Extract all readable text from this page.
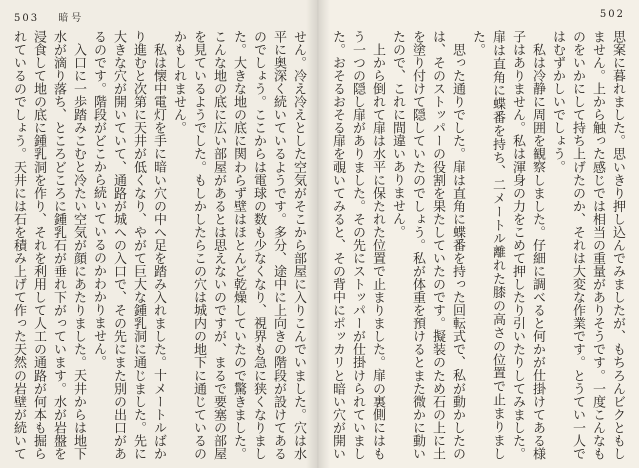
503 暗号

せん。冷え冷えとした空気がそこから部屋に入りこんでいました。穴は水平に奥深く続いているようです。多分、途中に上向きの階段が設けてあるのでしょう。ここからは電球の数も少なくなり、視界も急に狭くなりました。大きな地の底に関わらず壁はほとんど乾燥していたので驚きました。こんな地の底に広い部屋があるとは思えないのですが、まるで要塞の部屋を見ているようでした。もしかしたらこの穴は城内の地下に通じているのかもしれません。

私は懐中電灯を手に暗い穴の中へ足を踏み入れました。十メートルばかり進むと次第に天井が低くなり、やがて巨大な鍾乳洞に通じました。先に大きな穴が開いていて、通路が城への入口で、その先にまた別の出口があるのです。階段がどこから続いているのかわかりません。

入口に一歩踏みこむと冷たい空気が顔にあたりました。天井からは地下水が滴り落ち、ところどころに鍾乳石が垂れ下がっています。水が岩盤を浸食して地の底に鍾乳洞を作り、それを利用して人工の通路が何本も掘られているのでしょう。天井には石を積み上げて作った天然の岩壁が続いて

502

思案に暮れました。思いきり押し込んでみましたが、もちろんビクともしません。上から触った感じでは相当の重量がありそうです。一度こんなものをいかにして持ち上げたのか、それは大変な作業です。とうてい一人ではむずかしいでしょう。

私は冷静に周囲を観察しました。仔細に調べると何かが仕掛けてある様子はありません。私は渾身の力をこめて押したり引いたりしてみました。扉は直角に蝶番を持ち、二メートル離れた膝の高さの位置で止まりました。

思った通りでした。扉は直角に蝶番を持った回転式で、私が動かしたのは、そのストッパーの役割を果たしていたのです。擬装のため石の上に土を塗り付けて隠していたのでしょう。私が体重を預けるとまた微かに動いたので、これに間違いありません。

上から倒れて扉は水平に保たれた位置で止まりました。扉の裏側にはもう一つの隠し扉がありました。その先にストッパーが仕掛けられていました。おそるおそる扉を覗いてみると、その背中にポッカリと暗い穴が開い
